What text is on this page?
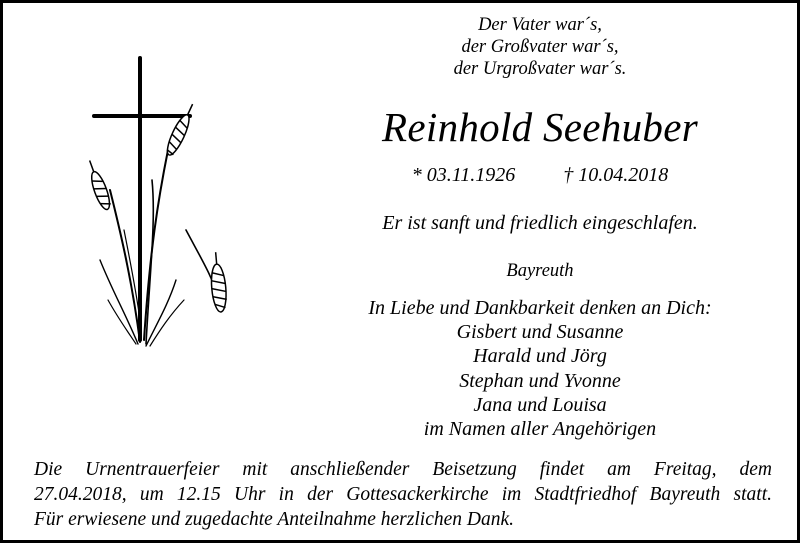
Der Vater war´s,
der Großvater war´s,
der Urgroßvater war´s.
Reinhold Seehuber
* 03.11.1926 † 10.04.2018
Er ist sanft und friedlich eingeschlafen.
Bayreuth
In Liebe und Dankbarkeit denken an Dich:
Gisbert und Susanne
Harald und Jörg
Stephan und Yvonne
Jana und Louisa
im Namen aller Angehörigen
Die Urnentrauerfeier mit anschließender Beisetzung findet am Freitag, dem
27.04.2018, um 12.15 Uhr in der Gottesackerkirche im Stadtfriedhof Bayreuth statt.
Für erwiesene und zugedachte Anteilnahme herzlichen Dank.
